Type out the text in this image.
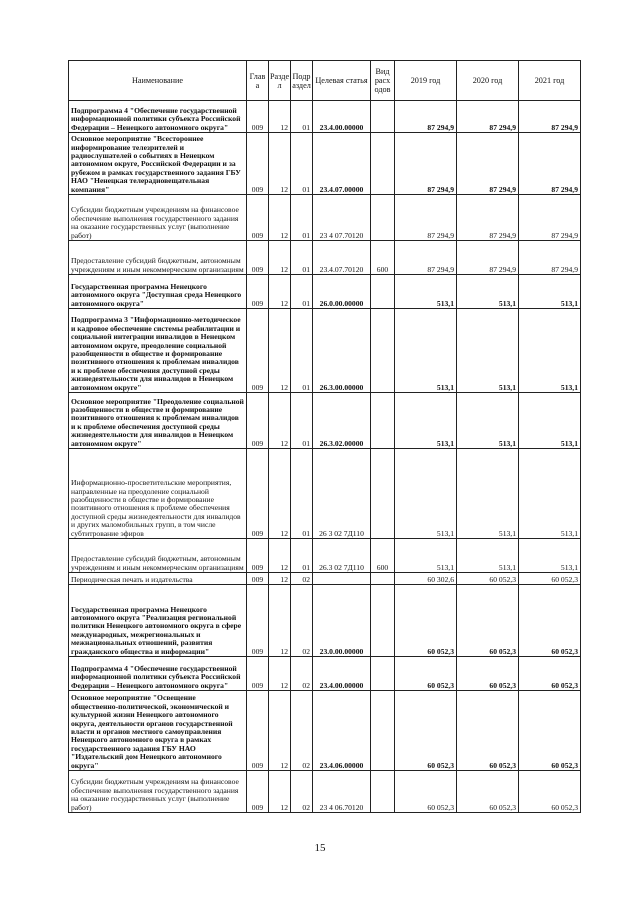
Наименование	Глав а	Разде л	Подр аздел	Целевая статья	Вид расх одов	2019 год	2020 год	2021 год
Подпрограмма 4 "Обеспечение государственной информационной политики субъекта Российской Федерации – Ненецкого автономного округа"	009	12	01	23.4.00.00000		87 294,9	87 294,9	87 294,9
Основное мероприятие "Всестороннее информирование телезрителей и радиослушателей о событиях в Ненецком автономном округе, Российской Федерации и за рубежом в рамках государственного задания ГБУ НАО "Ненецкая телерадиовещательная компания"	009	12	01	23.4.07.00000		87 294,9	87 294,9	87 294,9
Субсидии бюджетным учреждениям на финансовое обеспечение выполнения государственного задания на оказание государственных услуг (выполнение работ)	009	12	01	23 4 07.70120		87 294,9	87 294,9	87 294,9
Предоставление субсидий бюджетным, автономным учреждениям и иным некоммерческим организациям	009	12	01	23.4.07.70120	600	87 294,9	87 294,9	87 294,9
Государственная программа Ненецкого автономного округа "Доступная среда Ненецкого автономного округа"	009	12	01	26.0.00.00000		513,1	513,1	513,1
Подпрограмма 3 "Информационно-методическое и кадровое обеспечение системы реабилитации и социальной интеграции инвалидов в Ненецком автономном округе, преодоление социальной разобщенности в обществе и формирование позитивного отношения к проблемам инвалидов и к проблеме обеспечения доступной среды жизнедеятельности для инвалидов в Ненецком автономном округе"	009	12	01	26.3.00.00000		513,1	513,1	513,1
Основное мероприятие "Преодоление социальной разобщенности в обществе и формирование позитивного отношения к проблемам инвалидов и к проблеме обеспечения доступной среды жизнедеятельности для инвалидов в Ненецком автономном округе"	009	12	01	26.3.02.00000		513,1	513,1	513,1
Информационно-просветительские мероприятия, направленные на преодоление социальной разобщенности в обществе и формирование позитивного отношения к проблеме обеспечения доступной среды жизнедеятельности для инвалидов и других маломобильных групп, в том числе субтитрование эфиров	009	12	01	26 3 02 7Д110		513,1	513,1	513,1
Предоставление субсидий бюджетным, автономным учреждениям и иным некоммерческим организациям	009	12	01	26.3 02 7Д110	600	513,1	513,1	513,1
Периодическая печать и издательства	009	12	02			60 302,6	60 052,3	60 052,3
Государственная программа Ненецкого автономного округа "Реализация региональной политики Ненецкого автономного округа в сфере международных, межрегиональных и межнациональных отношений, развития гражданского общества и информации"	009	12	02	23.0.00.00000		60 052,3	60 052,3	60 052,3
Подпрограмма 4 "Обеспечение государственной информационной политики субъекта Российской Федерации – Ненецкого автономного округа"	009	12	02	23.4.00.00000		60 052,3	60 052,3	60 052,3
Основное мероприятие "Освещение общественно-политической, экономической и культурной жизни Ненецкого автономного округа, деятельности органов государственной власти и органов местного самоуправления Ненецкого автономного округа в рамках государственного задания ГБУ НАО "Издательский дом Ненецкого автономного округа"	009	12	02	23.4.06.00000		60 052,3	60 052,3	60 052,3
Субсидии бюджетным учреждениям на финансовое обеспечение выполнения государственного задания на оказание государственных услуг (выполнение работ)	009	12	02	23 4 06.70120		60 052,3	60 052,3	60 052,3
15
